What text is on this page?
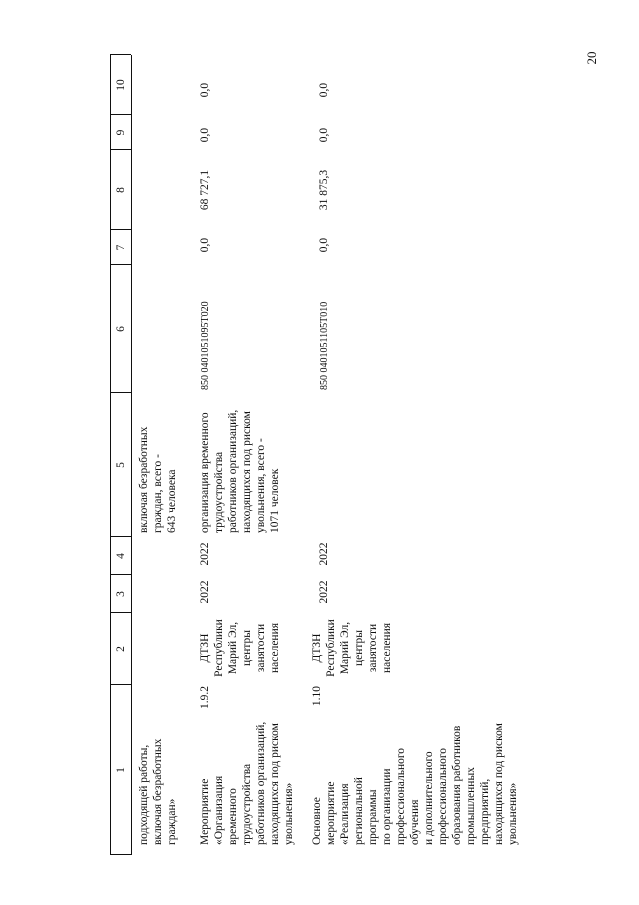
20
1
2
3
4
5
6
7
8
9
10
подходящей работы, включая безработных граждан»
включая безработных граждан, всего - 643 человека
Мероприятие «Организация временного трудоустройства работников организаций, находящихся под риском увольнения»
1.9.2
ДТЗН Республики Марий Эл, центры занятости населения
2022
2022
организация временного трудоустройства работников организаций, находящихся под риском увольнения, всего - 1071 человек
850 0401051095Т020
0,0
68 727,1
0,0
0,0
Основное мероприятие «Реализация региональной программы по организации профессионального обучения и дополнительного профессионального образования работников промышленных предприятий, находящихся под риском увольнения»
1.10
ДТЗН Республики Марий Эл, центры занятости населения
2022
2022
850 0401051105Т010
0,0
31 875,3
0,0
0,0
